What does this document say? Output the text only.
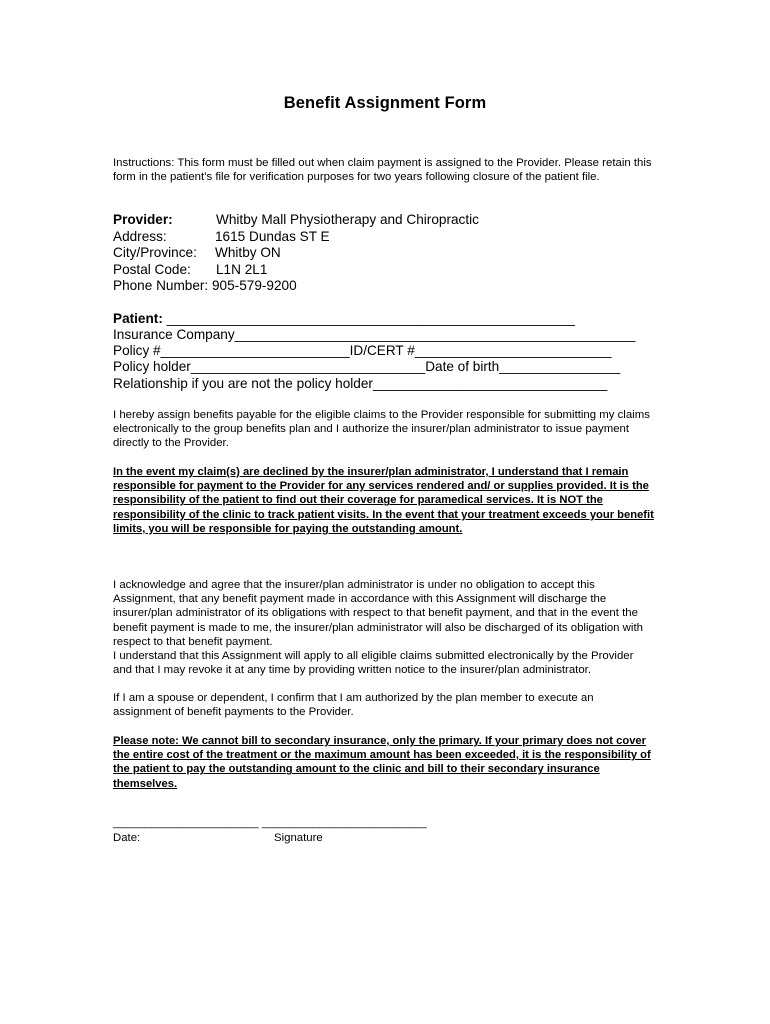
Benefit Assignment Form
Instructions: This form must be filled out when claim payment is assigned to the Provider. Please retain this form in the patient’s file for verification purposes for two years following closure of the patient file.
Provider:	Whitby Mall Physiotherapy and Chiropractic
Address:	1615 Dundas ST E
City/Province: Whitby ON
Postal Code: L1N 2L1
Phone Number: 905-579-9200
Patient: ______________________________________________________
Insurance Company_____________________________________________________
Policy #_________________________ID/CERT #__________________________
Policy holder_______________________________Date of birth________________
Relationship if you are not the policy holder_______________________________
I hereby assign benefits payable for the eligible claims to the Provider responsible for submitting my claims electronically to the group benefits plan and I authorize the insurer/plan administrator to issue payment directly to the Provider.
In the event my claim(s) are declined by the insurer/plan administrator, I understand that I remain responsible for payment to the Provider for any services rendered and/ or supplies provided. It is the responsibility of the patient to find out their coverage for paramedical services. It is NOT the responsibility of the clinic to track patient visits. In the event that your treatment exceeds your benefit limits, you will be responsible for paying the outstanding amount.
I acknowledge and agree that the insurer/plan administrator is under no obligation to accept this Assignment, that any benefit payment made in accordance with this Assignment will discharge the insurer/plan administrator of its obligations with respect to that benefit payment, and that in the event the benefit payment is made to me, the insurer/plan administrator will also be discharged of its obligation with respect to that benefit payment.
I understand that this Assignment will apply to all eligible claims submitted electronically by the Provider and that I may revoke it at any time by providing written notice to the insurer/plan administrator.
If I am a spouse or dependent, I confirm that I am authorized by the plan member to execute an assignment of benefit payments to the Provider.
Please note: We cannot bill to secondary insurance, only the primary. If your primary does not cover the entire cost of the treatment or the maximum amount has been exceeded, it is the responsibility of the patient to pay the outstanding amount to the clinic and bill to their secondary insurance themselves.
_______________________ __________________________
Date:	Signature
